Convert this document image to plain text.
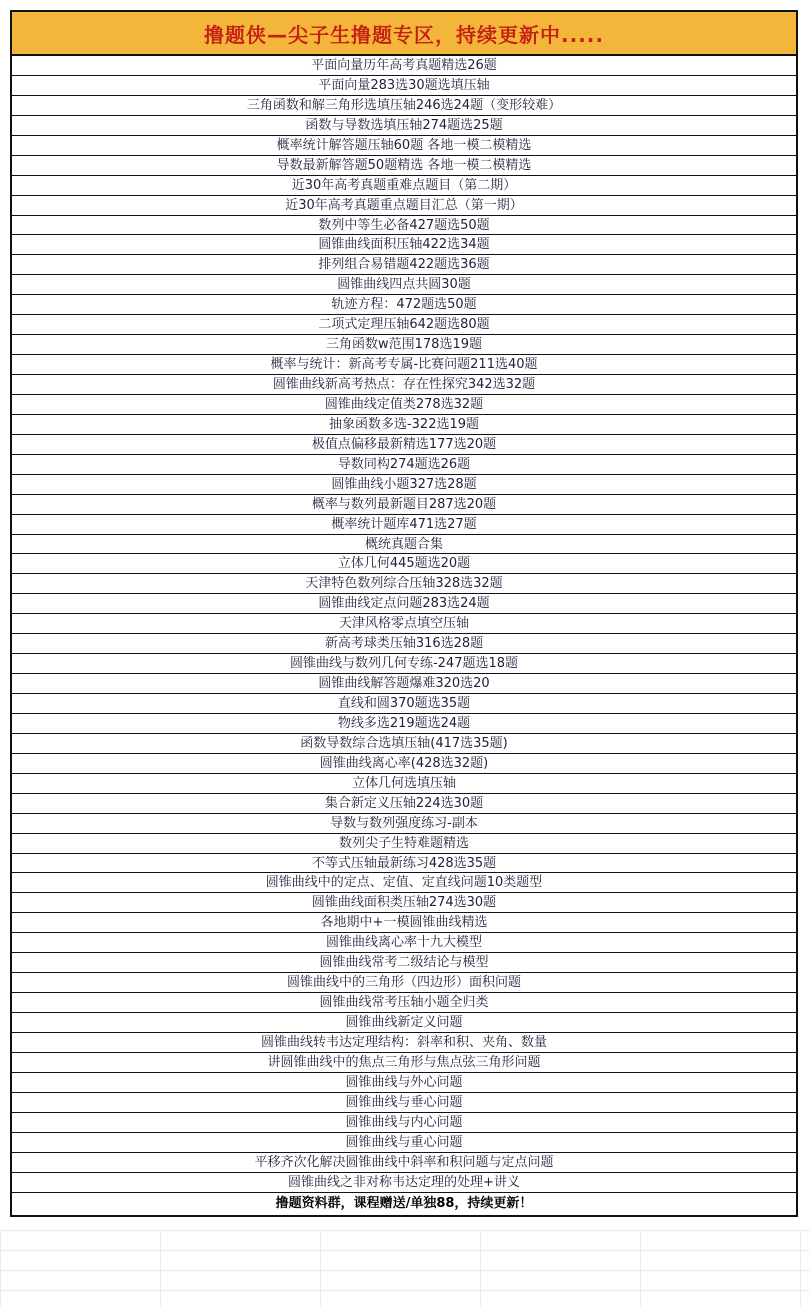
撸题侠—尖子生撸题专区，持续更新中.....
平面向量历年高考真题精选26题
平面向量283选30题选填压轴
三角函数和解三角形选填压轴246选24题（变形较难）
函数与导数选填压轴274题选25题
概率统计解答题压轴60题 各地一模二模精选
导数最新解答题50题精选 各地一模二模精选
近30年高考真题重难点题目（第二期）
近30年高考真题重点题目汇总（第一期）
数列中等生必备427题选50题
圆锥曲线面积压轴422选34题
排列组合易错题422题选36题
圆锥曲线四点共圆30题
轨迹方程：472题选50题
二项式定理压轴642题选80题
三角函数w范围178选19题
概率与统计：新高考专属-比赛问题211选40题
圆锥曲线新高考热点：存在性探究342选32题
圆锥曲线定值类278选32题
抽象函数多选-322选19题
极值点偏移最新精选177选20题
导数同构274题选26题
圆锥曲线小题327选28题
概率与数列最新题目287选20题
概率统计题库471选27题
概统真题合集
立体几何445题选20题
天津特色数列综合压轴328选32题
圆锥曲线定点问题283选24题
天津风格零点填空压轴
新高考球类压轴316选28题
圆锥曲线与数列几何专练-247题选18题
圆锥曲线解答题爆难320选20
直线和圆370题选35题
物线多选219题选24题
函数导数综合选填压轴(417选35题)
圆锥曲线离心率(428选32题)
立体几何选填压轴
集合新定义压轴224选30题
导数与数列强度练习-副本
数列尖子生特难题精选
不等式压轴最新练习428选35题
圆锥曲线中的定点、定值、定直线问题10类题型
圆锥曲线面积类压轴274选30题
各地期中+一模圆锥曲线精选
圆锥曲线离心率十九大模型
圆锥曲线常考二级结论与模型
圆锥曲线中的三角形（四边形）面积问题
圆锥曲线常考压轴小题全归类
圆锥曲线新定义问题
圆锥曲线转韦达定理结构：斜率和积、夹角、数量
讲圆锥曲线中的焦点三角形与焦点弦三角形问题
圆锥曲线与外心问题
圆锥曲线与垂心问题
圆锥曲线与内心问题
圆锥曲线与重心问题
平移齐次化解决圆锥曲线中斜率和积问题与定点问题
圆锥曲线之非对称韦达定理的处理+讲义
撸题资料群，课程赠送/单独88，持续更新！
